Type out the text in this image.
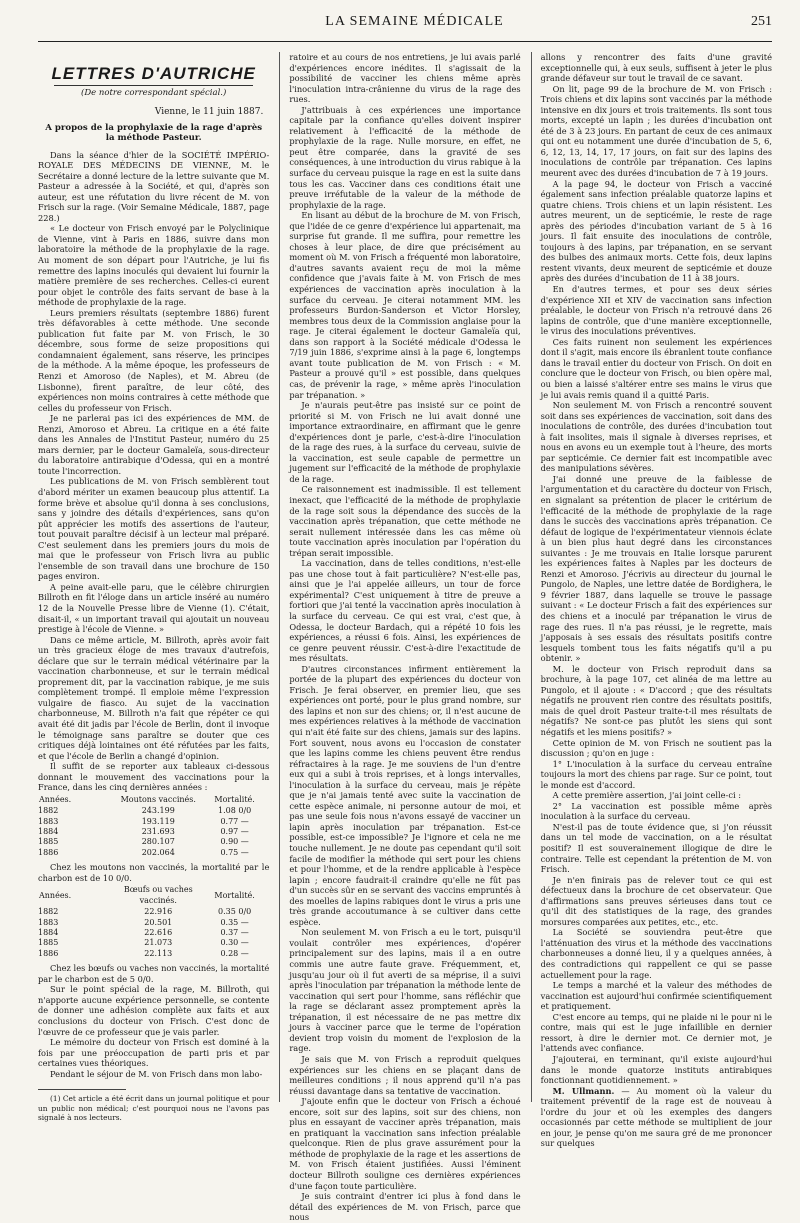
LA SEMAINE MÉDICALE	251
LETTRES D'AUTRICHE
(De notre correspondant spécial.)
Vienne, le 11 juin 1887.
A propos de la prophylaxie de la rage d'après la méthode Pasteur.

Dans la séance d'hier de la SOCIÉTÉ IMPÉRIO-ROYALE DES MÉDECINS DE VIENNE, M. le Secrétaire a donné lecture de la lettre suivante que M. Pasteur a adressée à la Société, et qui, d'après son auteur, est une réfutation du livre récent de M. von Frisch sur la rage. (Voir Semaine Médicale, 1887, page 228.)

« Le docteur von Frisch envoyé par le Polyclinique de Vienne, vint à Paris en 1886, suivre dans mon laboratoire la méthode de la prophylaxie de la rage. Au moment de son départ pour l'Autriche, je lui fis remettre des lapins inoculés qui devaient lui fournir la matière première de ses recherches. Celles-ci eurent pour objet le contrôle des faits servant de base à la méthode de prophylaxie de la rage.

Leurs premiers résultats (septembre 1886) furent très défavorables à cette méthode. Une seconde publication fut faite par M. von Frisch, le 30 décembre, sous forme de seize propositions qui condamnaient également, sans réserve, les principes de la méthode. A la même époque, les professeurs de Renzi et Amoroso (de Naples), et M. Abreu (de Lisbonne), firent paraître, de leur côté, des expériences non moins contraires à cette méthode que celles du professeur von Frisch.

Je ne parlerai pas ici des expériences de MM. de Renzi, Amoroso et Abreu. La critique en a été faite dans les Annales de l'Institut Pasteur, numéro du 25 mars dernier, par le docteur Gamaleïa, sous-directeur du laboratoire antirabique d'Odessa, qui en a montré toute l'incorrection.

Les publications de M. von Frisch semblèrent tout d'abord mériter un examen beaucoup plus attentif. La forme brève et absolue qu'il donna à ses conclusions, sans y joindre des détails d'expériences, sans qu'on pût apprécier les motifs des assertions de l'auteur, tout pouvait paraître décisif à un lecteur mal préparé. C'est seulement dans les premiers jours du mois de mai que le professeur von Frisch livra au public l'ensemble de son travail dans une brochure de 150 pages environ.

A peine avait-elle paru, que le célèbre chirurgien Billroth en fit l'éloge dans un article inséré au numéro 12 de la Nouvelle Presse libre de Vienne (1). C'était, disait-il, « un important travail qui ajoutait un nouveau prestige à l'école de Vienne. »

Dans ce même article, M. Billroth, après avoir fait un très gracieux éloge de mes travaux d'autrefois, déclare que sur le terrain médical vétérinaire par la vaccination charbonneuse, et sur le terrain médical proprement dit, par la vaccination rabique, je me suis complètement trompé. Il emploie même l'expression vulgaire de fiasco. Au sujet de la vaccination charbonneuse, M. Billroth n'a fait que répéter ce qui avait été dit jadis par l'école de Berlin, dont il invoque le témoignage sans paraître se douter que ces critiques déjà lointaines ont été réfutées par les faits, et que l'école de Berlin a changé d'opinion.

Il suffit de se reporter aux tableaux ci-dessous donnant le mouvement des vaccinations pour la France, dans les cinq dernières années :

Années.	Moutons vaccinés.	Mortalité.
1882	243.199	1.08 0/0
1883	193.119	0.77 —
1884	231.693	0.97 —
1885	280.107	0.90 —
1886	202.064	0.75 —

Chez les moutons non vaccinés, la mortalité par le charbon est de 10 0/0.

Années.	Bœufs ou vaches vaccinés.	Mortalité.
1882	22.916	0.35 0/0
1883	20.501	0.35 —
1884	22.616	0.37 —
1885	21.073	0.30 —
1886	22.113	0.28 —

Chez les bœufs ou vaches non vaccinés, la mortalité par le charbon est de 5 0/0.

Sur le point spécial de la rage, M. Billroth, qui n'apporte aucune expérience personnelle, se contente de donner une adhésion complète aux faits et aux conclusions du docteur von Frisch. C'est donc de l'œuvre de ce professeur que je vais parler.

Le mémoire du docteur von Frisch est dominé à la fois par une préoccupation de parti pris et par certaines vues théoriques.

Pendant le séjour de M. von Frisch dans mon labo-

(1) Cet article a été écrit dans un journal politique et pour un public non médical; c'est pourquoi nous ne l'avons pas signalé à nos lecteurs.

ratoire et au cours de nos entretiens, je lui avais parlé d'expériences encore inédites. Il s'agissait de la possibilité de vacciner les chiens même après l'inoculation intra-crânienne du virus de la rage des rues.

J'attribuais à ces expériences une importance capitale par la confiance qu'elles doivent inspirer relativement à l'efficacité de la méthode de prophylaxie de la rage. Nulle morsure, en effet, ne peut être comparée, dans la gravité de ses conséquences, à une introduction du virus rabique à la surface du cerveau puisque la rage en est la suite dans tous les cas. Vacciner dans ces conditions était une preuve irréfutable de la valeur de la méthode de prophylaxie de la rage.

En lisant au début de la brochure de M. von Frisch, que l'idée de ce genre d'expérience lui appartenait, ma surprise fut grande. Il me suffira, pour remettre les choses à leur place, de dire que précisément au moment où M. von Frisch a fréquenté mon laboratoire, d'autres savants avaient reçu de moi la même confidence que j'avais faite à M. von Frisch de mes expériences de vaccination après inoculation à la surface du cerveau. Je citerai notamment MM. les professeurs Burdon-Sanderson et Victor Horsley, membres tous deux de la Commission anglaise pour la rage. Je citerai également le docteur Gamaleïa qui, dans son rapport à la Société médicale d'Odessa le 7/19 juin 1886, s'exprime ainsi à la page 6, longtemps avant toute publication de M. von Frisch : « M. Pasteur a prouvé qu'il » est possible, dans quelques cas, de prévenir la rage, » même après l'inoculation par trépanation. »

Je n'aurais peut-être pas insisté sur ce point de priorité si M. von Frisch ne lui avait donné une importance extraordinaire, en affirmant que le genre d'expériences dont je parle, c'est-à-dire l'inoculation de la rage des rues, à la surface du cerveau, suivie de la vaccination, est seule capable de permettre un jugement sur l'efficacité de la méthode de prophylaxie de la rage.

Ce raisonnement est inadmissible. Il est tellement inexact, que l'efficacité de la méthode de prophylaxie de la rage soit sous la dépendance des succès de la vaccination après trépanation, que cette méthode ne serait nullement intéressée dans les cas même où toute vaccination après inoculation par l'opération du trépan serait impossible.

La vaccination, dans de telles conditions, n'est-elle pas une chose tout à fait particulière? N'est-elle pas, ainsi que je l'ai appelée ailleurs, un tour de force expérimental? C'est uniquement à titre de preuve a fortiori que j'ai tenté la vaccination après inoculation à la surface du cerveau. Ce qui est vrai, c'est que, à Odessa, le docteur Bardach, qui a répété 10 fois les expériences, a réussi 6 fois. Ainsi, les expériences de ce genre peuvent réussir. C'est-à-dire l'exactitude de mes résultats.

D'autres circonstances infirment entièrement la portée de la plupart des expériences du docteur von Frisch. Je ferai observer, en premier lieu, que ses expériences ont porté, pour le plus grand nombre, sur des lapins et non sur des chiens; or, il n'est aucune de mes expériences relatives à la méthode de vaccination qui n'ait été faite sur des chiens, jamais sur des lapins. Fort souvent, nous avons eu l'occasion de constater que les lapins comme les chiens peuvent être rendus réfractaires à la rage. Je me souviens de l'un d'entre eux qui a subi à trois reprises, et à longs intervalles, l'inoculation à la surface du cerveau, mais je répète que je n'ai jamais tenté avec suite la vaccination de cette espèce animale, ni personne autour de moi, et pas une seule fois nous n'avons essayé de vacciner un lapin après inoculation par trépanation. Est-ce possible, est-ce impossible? Je l'ignore et cela ne me touche nullement. Je ne doute pas cependant qu'il soit facile de modifier la méthode qui sert pour les chiens et pour l'homme, et de la rendre applicable à l'espèce lapin ; encore faudrait-il craindre qu'elle ne fût pas d'un succès sûr en se servant des vaccins empruntés à des moelles de lapins rabiques dont le virus a pris une très grande accoutumance à se cultiver dans cette espèce.

Non seulement M. von Frisch a eu le tort, puisqu'il voulait contrôler mes expériences, d'opérer principalement sur des lapins, mais il a en outre commis une autre faute grave. Fréquemment, et, jusqu'au jour où il fut averti de sa méprise, il a suivi après l'inoculation par trépanation la méthode lente de vaccination qui sert pour l'homme, sans réfléchir que la rage se déclarant assez promptement après la trépanation, il est nécessaire de ne pas mettre dix jours à vacciner parce que le terme de l'opération devient trop voisin du moment de l'explosion de la rage.

Je sais que M. von Frisch a reproduit quelques expériences sur les chiens en se plaçant dans de meilleures conditions ; il nous apprend qu'il n'a pas réussi davantage dans sa tentative de vaccination.

J'ajoute enfin que le docteur von Frisch a échoué encore, soit sur des lapins, soit sur des chiens, non plus en essayant de vacciner après trépanation, mais en pratiquant la vaccination sans infection préalable quelconque. Rien de plus grave assurément pour la méthode de prophylaxie de la rage et les assertions de M. von Frisch étaient justifiées. Aussi l'éminent docteur Billroth souligne ces dernières expériences d'une façon toute particulière.

Je suis contraint d'entrer ici plus à fond dans le détail des expériences de M. von Frisch, parce que nous

allons y rencontrer des faits d'une gravité exceptionnelle qui, à eux seuls, suffisent à jeter le plus grande défaveur sur tout le travail de ce savant.

On lit, page 99 de la brochure de M. von Frisch : Trois chiens et dix lapins sont vaccinés par la méthode intensive en dix jours et trois traitements. Ils sont tous morts, excepté un lapin ; les durées d'incubation ont été de 3 à 23 jours. En partant de ceux de ces animaux qui ont eu notamment une durée d'incubation de 5, 6, 6, 12, 13, 14, 17, 17 jours, on fait sur des lapins des inoculations de contrôle par trépanation. Ces lapins meurent avec des durées d'incubation de 7 à 19 jours.

A la page 94, le docteur von Frisch a vacciné également sans infection préalable quatorze lapins et quatre chiens. Trois chiens et un lapin résistent. Les autres meurent, un de septicémie, le reste de rage après des périodes d'incubation variant de 5 à 16 jours. Il fait ensuite des inoculations de contrôle, toujours à des lapins, par trépanation, en se servant des bulbes des animaux morts. Cette fois, deux lapins restent vivants, deux meurent de septicémie et douze après des durées d'incubation de 11 à 38 jours.

En d'autres termes, et pour ses deux séries d'expérience XII et XIV de vaccination sans infection préalable, le docteur von Frisch n'a retrouvé dans 26 lapins de contrôle, que d'une manière exceptionnelle, le virus des inoculations préventives.

Ces faits ruinent non seulement les expériences dont il s'agit, mais encore ils ébranlent toute confiance dans le travail entier du docteur von Frisch. On doit en conclure que le docteur von Frisch, ou bien opère mal, ou bien a laissé s'altérer entre ses mains le virus que je lui avais remis quand il a quitté Paris.

Non seulement M. von Frisch a rencontré souvent soit dans ses expériences de vaccination, soit dans des inoculations de contrôle, des durées d'incubation tout à fait insolites, mais il signale à diverses reprises, et nous en avons eu un exemple tout à l'heure, des morts par septicémie. Ce dernier fait est incompatible avec des manipulations sévères.

J'ai donné une preuve de la faiblesse de l'argumentation et du caractère du docteur von Frisch, en signalant sa prétention de placer le critérium de l'efficacité de la méthode de prophylaxie de la rage dans le succès des vaccinations après trépanation. Ce défaut de logique de l'expérimentateur viennois éclate à un bien plus haut degré dans les circonstances suivantes : Je me trouvais en Italie lorsque parurent les expériences faites à Naples par les docteurs de Renzi et Amoroso. J'écrivis au directeur du journal le Pungolo, de Naples, une lettre datée de Bordighera, le 9 février 1887, dans laquelle se trouve le passage suivant : « Le docteur Frisch a fait des expériences sur des chiens et a inoculé par trépanation le virus de rage des rues. Il n'a pas réussi, je le regrette, mais j'apposais à ses essais des résultats positifs contre lesquels tombent tous les faits négatifs qu'il a pu obtenir. »

M. le docteur von Frisch reproduit dans sa brochure, à la page 107, cet alinéa de ma lettre au Pungolo, et il ajoute : « D'accord ; que des résultats négatifs ne prouvent rien contre des résultats positifs, mais de quel droit Pasteur traite-t-il mes résultats de négatifs? Ne sont-ce pas plutôt les siens qui sont négatifs et les miens positifs? »

Cette opinion de M. von Frisch ne soutient pas la discussion ; qu'on en juge :

1° L'inoculation à la surface du cerveau entraîne toujours la mort des chiens par rage. Sur ce point, tout le monde est d'accord.

A cette première assertion, j'ai joint celle-ci :

2° La vaccination est possible même après inoculation à la surface du cerveau.

N'est-il pas de toute évidence que, si j'on réussit dans un tel mode de vaccination, on a le résultat positif? Il est souverainement illogique de dire le contraire. Telle est cependant la prétention de M. von Frisch.

Je n'en finirais pas de relever tout ce qui est défectueux dans la brochure de cet observateur. Que d'affirmations sans preuves sérieuses dans tout ce qu'il dit des statistiques de la rage, des grandes morsures comparées aux petites, etc., etc.

La Société se souviendra peut-être que l'atténuation des virus et la méthode des vaccinations charbonneuses a donné lieu, il y a quelques années, à des contradictions qui rappellent ce qui se passe actuellement pour la rage.

Le temps a marché et la valeur des méthodes de vaccination est aujourd'hui confirmée scientifiquement et pratiquement.

C'est encore au temps, qui ne plaide ni le pour ni le contre, mais qui est le juge infaillible en dernier ressort, à dire le dernier mot. Ce dernier mot, je l'attends avec confiance.

J'ajouterai, en terminant, qu'il existe aujourd'hui dans le monde quatorze instituts antirabiques fonctionnant quotidiennement. »

M. Ullmann. — Au moment où la valeur du traitement préventif de la rage est de nouveau à l'ordre du jour et où les exemples des dangers occasionnés par cette méthode se multiplient de jour en jour, je pense qu'on me saura gré de me prononcer sur quelques
